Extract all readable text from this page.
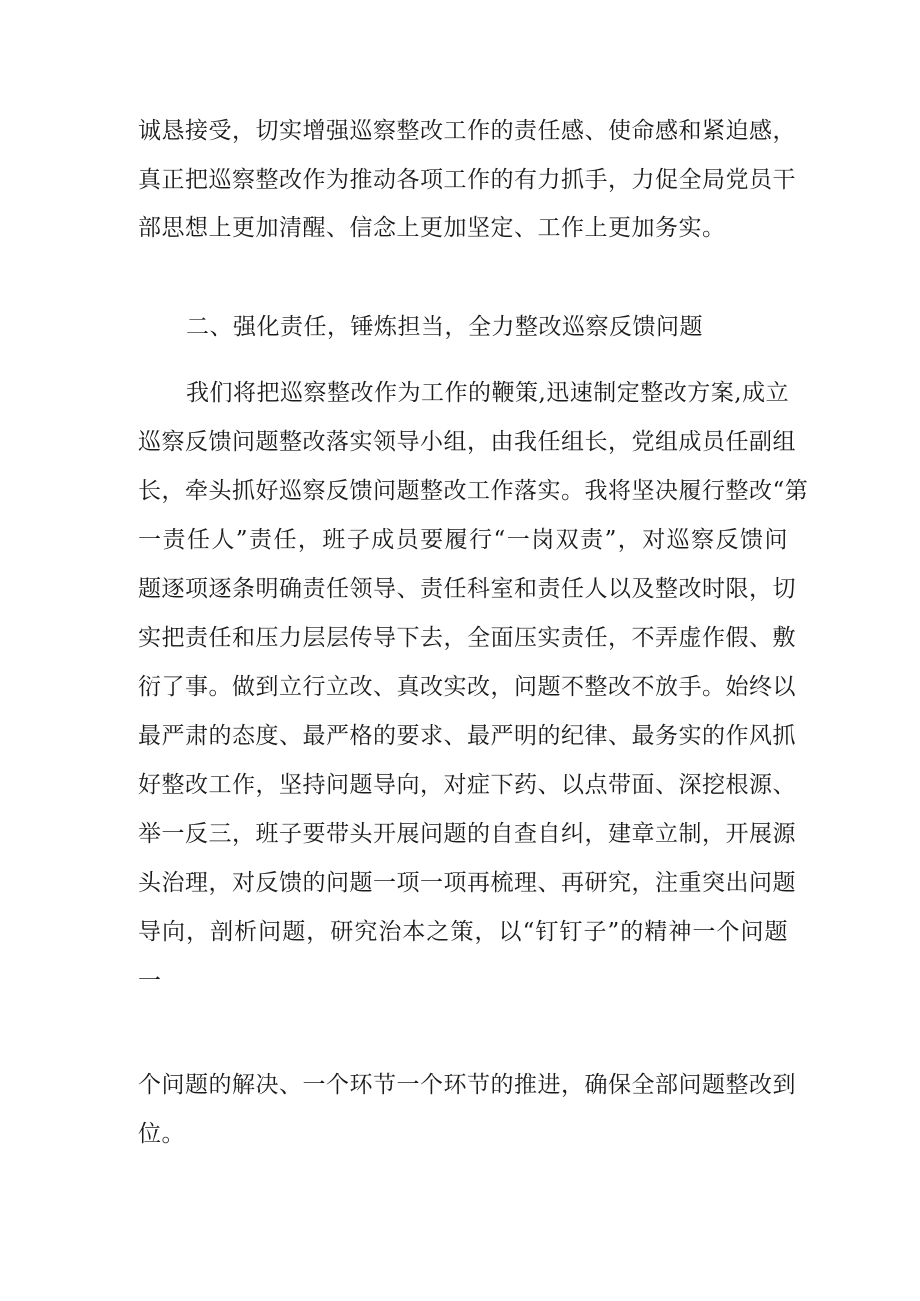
诚恳接受，切实增强巡察整改工作的责任感、使命感和紧迫感，
真正把巡察整改作为推动各项工作的有力抓手，力促全局党员干
部思想上更加清醒、信念上更加坚定、工作上更加务实。
二、强化责任，锤炼担当，全力整改巡察反馈问题
我们将把巡察整改作为工作的鞭策,迅速制定整改方案,成立
巡察反馈问题整改落实领导小组，由我任组长，党组成员任副组
长，牵头抓好巡察反馈问题整改工作落实。我将坚决履行整改“第
一责任人”责任，班子成员要履行“一岗双责”，对巡察反馈问
题逐项逐条明确责任领导、责任科室和责任人以及整改时限，切
实把责任和压力层层传导下去，全面压实责任，不弄虚作假、敷
衍了事。做到立行立改、真改实改，问题不整改不放手。始终以
最严肃的态度、最严格的要求、最严明的纪律、最务实的作风抓
好整改工作，坚持问题导向，对症下药、以点带面、深挖根源、
举一反三，班子要带头开展问题的自查自纠，建章立制，开展源
头治理，对反馈的问题一项一项再梳理、再研究，注重突出问题
导向，剖析问题，研究治本之策，以“钉钉子”的精神一个问题
一
个问题的解决、一个环节一个环节的推进，确保全部问题整改到
位。
